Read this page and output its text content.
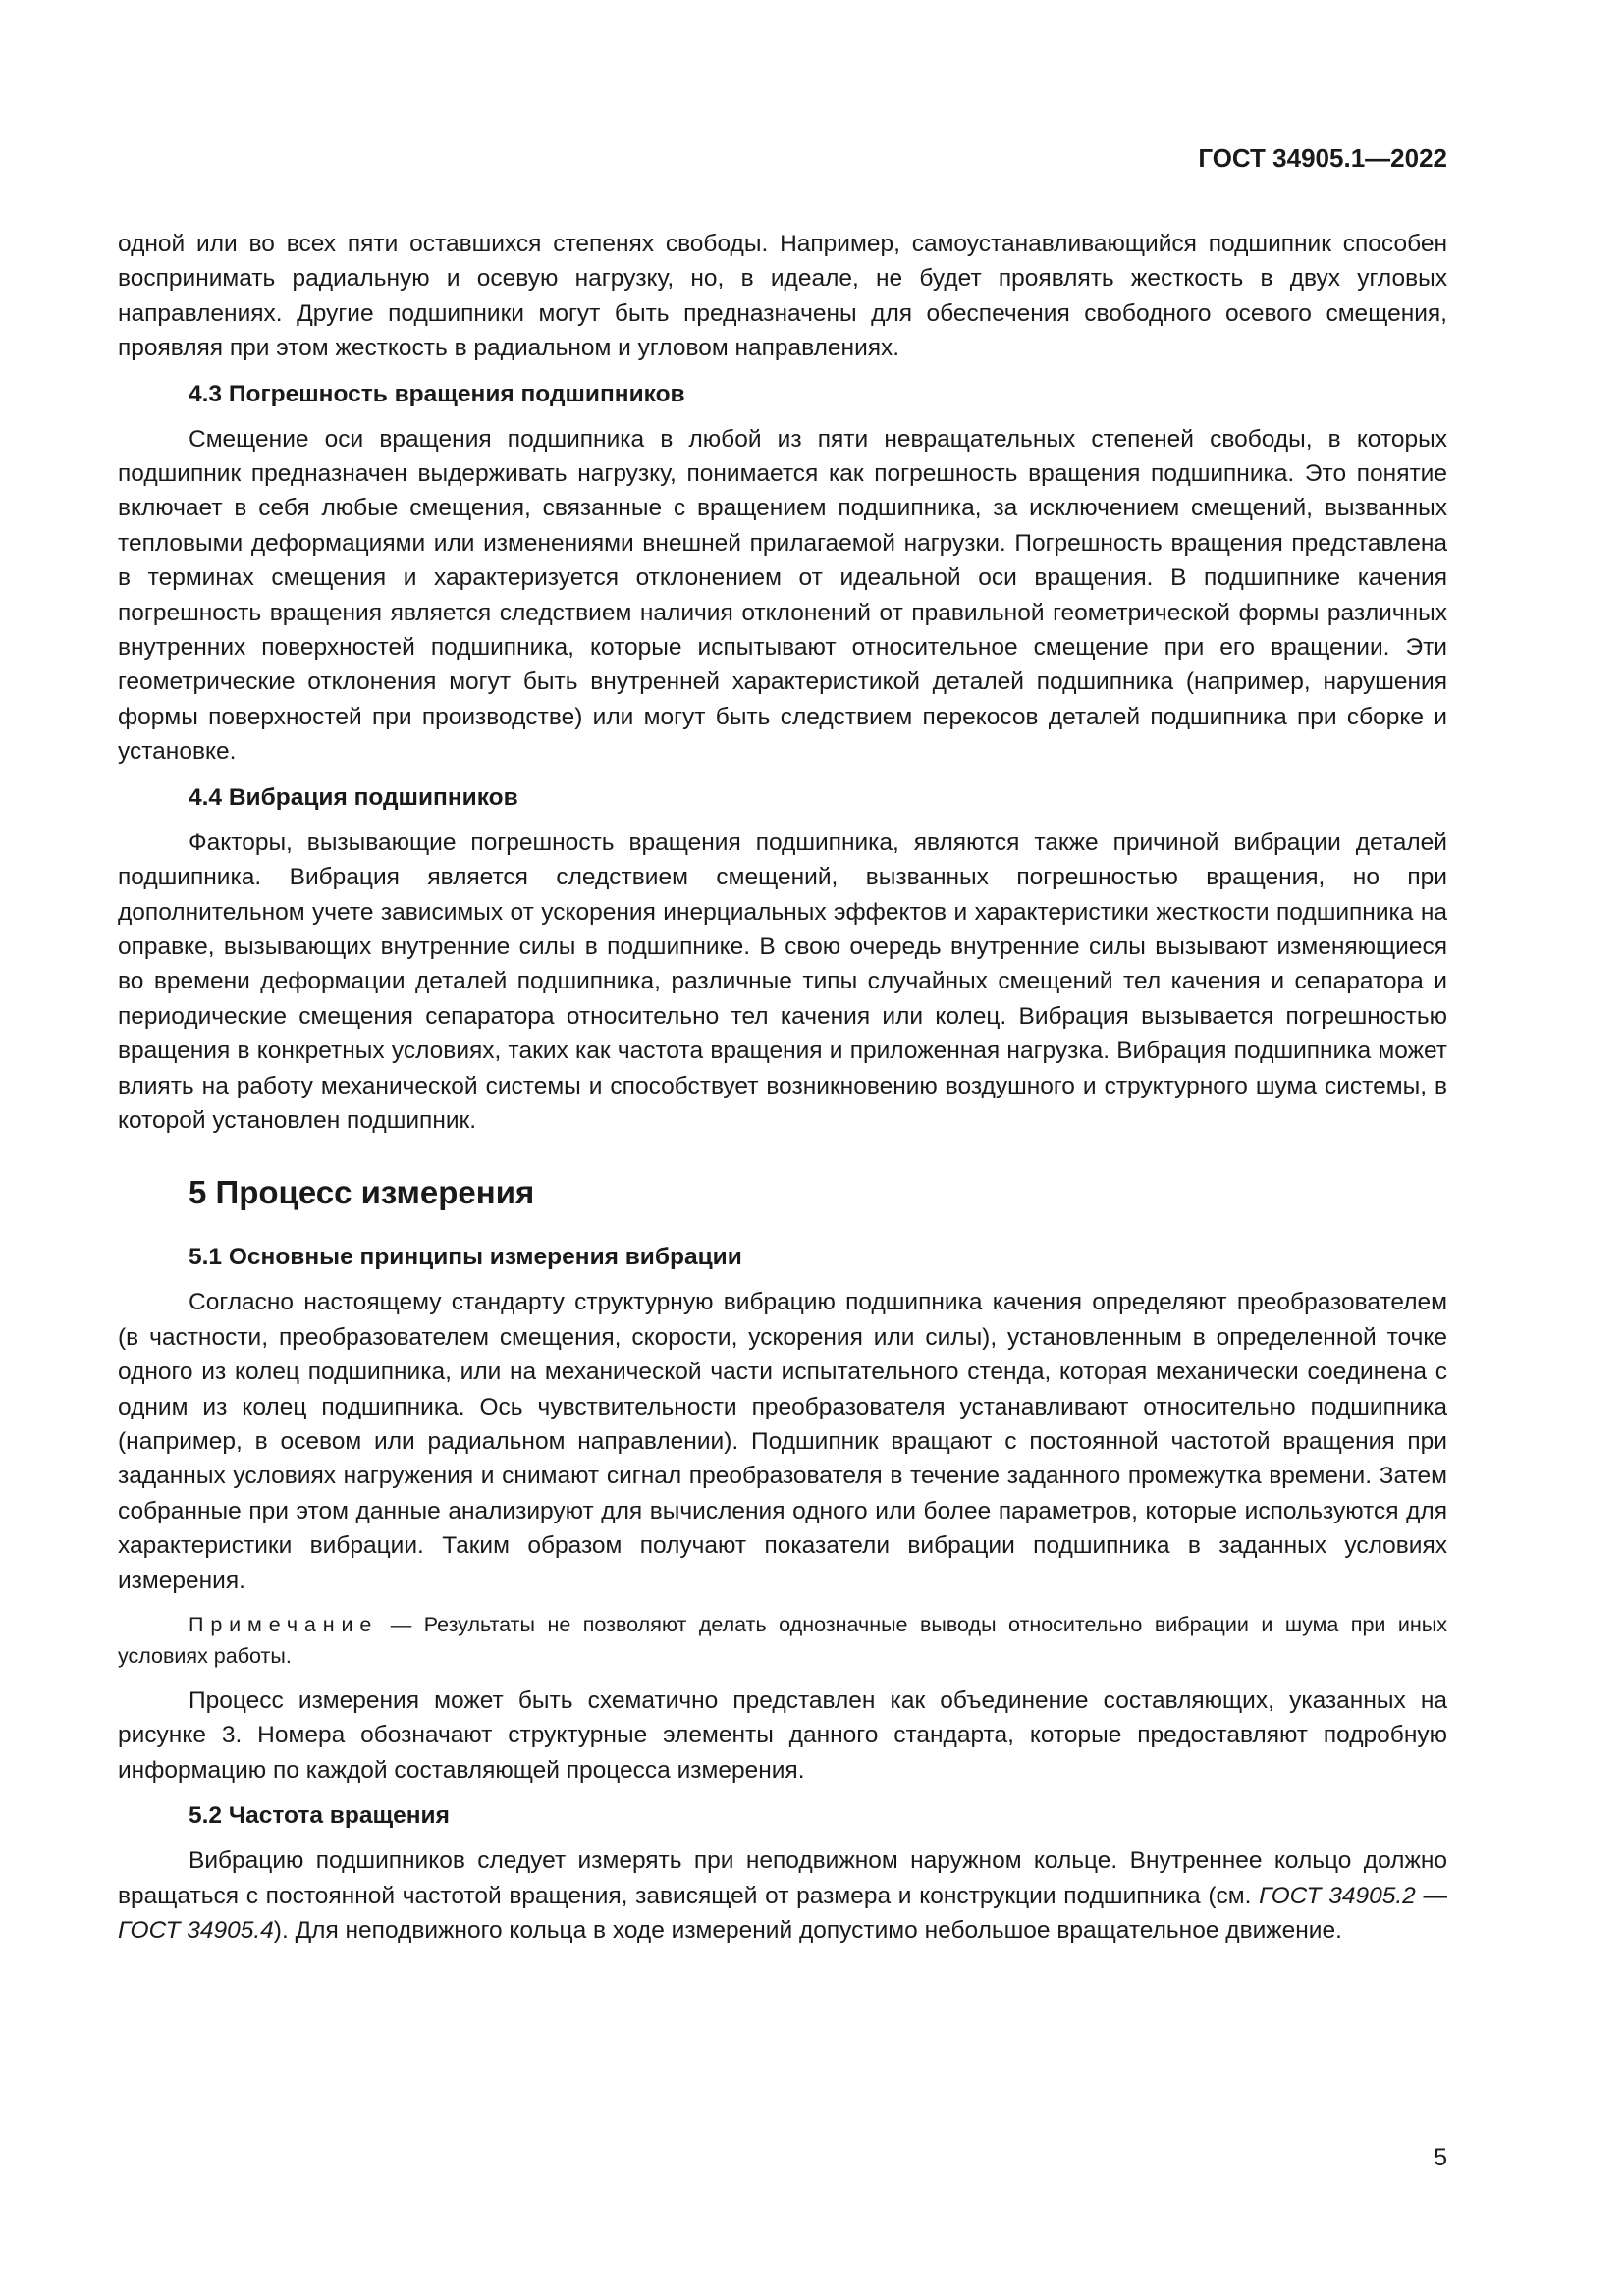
ГОСТ 34905.1—2022

одной или во всех пяти оставшихся степенях свободы. Например, самоустанавливающийся подшипник способен воспринимать радиальную и осевую нагрузку, но, в идеале, не будет проявлять жесткость в двух угловых направлениях. Другие подшипники могут быть предназначены для обеспечения свободного осевого смещения, проявляя при этом жесткость в радиальном и угловом направлениях.

4.3 Погрешность вращения подшипников

Смещение оси вращения подшипника в любой из пяти невращательных степеней свободы, в которых подшипник предназначен выдерживать нагрузку, понимается как погрешность вращения подшипника. Это понятие включает в себя любые смещения, связанные с вращением подшипника, за исключением смещений, вызванных тепловыми деформациями или изменениями внешней прилагаемой нагрузки. Погрешность вращения представлена в терминах смещения и характеризуется отклонением от идеальной оси вращения. В подшипнике качения погрешность вращения является следствием наличия отклонений от правильной геометрической формы различных внутренних поверхностей подшипника, которые испытывают относительное смещение при его вращении. Эти геометрические отклонения могут быть внутренней характеристикой деталей подшипника (например, нарушения формы поверхностей при производстве) или могут быть следствием перекосов деталей подшипника при сборке и установке.

4.4 Вибрация подшипников

Факторы, вызывающие погрешность вращения подшипника, являются также причиной вибрации деталей подшипника. Вибрация является следствием смещений, вызванных погрешностью вращения, но при дополнительном учете зависимых от ускорения инерциальных эффектов и характеристики жесткости подшипника на оправке, вызывающих внутренние силы в подшипнике. В свою очередь внутренние силы вызывают изменяющиеся во времени деформации деталей подшипника, различные типы случайных смещений тел качения и сепаратора и периодические смещения сепаратора относительно тел качения или колец. Вибрация вызывается погрешностью вращения в конкретных условиях, таких как частота вращения и приложенная нагрузка. Вибрация подшипника может влиять на работу механической системы и способствует возникновению воздушного и структурного шума системы, в которой установлен подшипник.

5 Процесс измерения
5.1 Основные принципы измерения вибрации

Согласно настоящему стандарту структурную вибрацию подшипника качения определяют преобразователем (в частности, преобразователем смещения, скорости, ускорения или силы), установленным в определенной точке одного из колец подшипника, или на механической части испытательного стенда, которая механически соединена с одним из колец подшипника. Ось чувствительности преобразователя устанавливают относительно подшипника (например, в осевом или радиальном направлении). Подшипник вращают с постоянной частотой вращения при заданных условиях нагружения и снимают сигнал преобразователя в течение заданного промежутка времени. Затем собранные при этом данные анализируют для вычисления одного или более параметров, которые используются для характеристики вибрации. Таким образом получают показатели вибрации подшипника в заданных условиях измерения.

Примечание — Результаты не позволяют делать однозначные выводы относительно вибрации и шума при иных условиях работы.

Процесс измерения может быть схематично представлен как объединение составляющих, указанных на рисунке 3. Номера обозначают структурные элементы данного стандарта, которые предоставляют подробную информацию по каждой составляющей процесса измерения.

5.2 Частота вращения

Вибрацию подшипников следует измерять при неподвижном наружном кольце. Внутреннее кольцо должно вращаться с постоянной частотой вращения, зависящей от размера и конструкции подшипника (см. ГОСТ 34905.2 — ГОСТ 34905.4). Для неподвижного кольца в ходе измерений допустимо небольшое вращательное движение.

5
